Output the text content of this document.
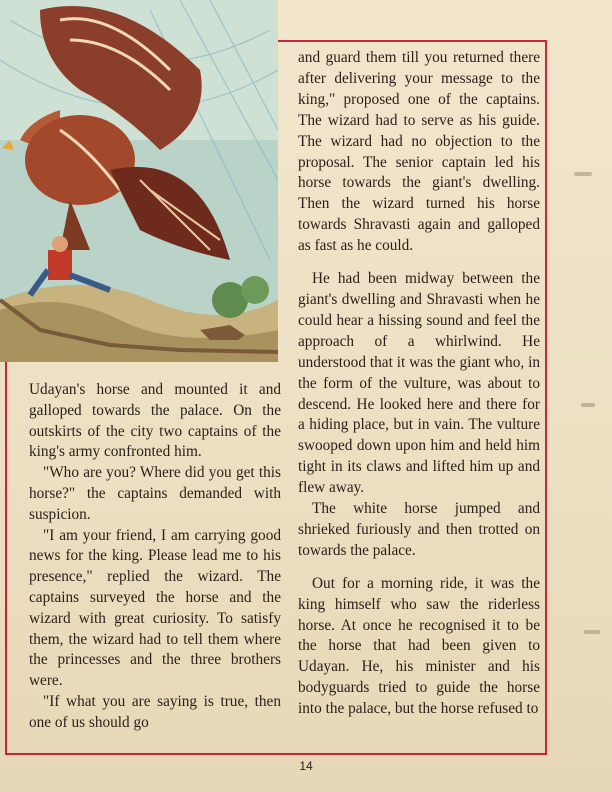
Udayan's horse and mounted it and galloped towards the palace. On the outskirts of the city two captains of the king's army confronted him.

"Who are you? Where did you get this horse?" the captains demanded with suspicion.

"I am your friend, I am carrying good news for the king. Please lead me to his presence," replied the wizard. The captains surveyed the horse and the wizard with great curiosity. To satisfy them, the wizard had to tell them where the princesses and the three brothers were.

"If what you are saying is true, then one of us should go

and guard them till you returned there after delivering your message to the king," proposed one of the captains. The wizard had to serve as his guide. The wizard had no objection to the proposal. The senior captain led his horse towards the giant's dwelling. Then the wizard turned his horse towards Shravasti again and galloped as fast as he could.

He had been midway between the giant's dwelling and Shravasti when he could hear a hissing sound and feel the approach of a whirlwind. He understood that it was the giant who, in the form of the vulture, was about to descend. He looked here and there for a hiding place, but in vain. The vulture swooped down upon him and held him tight in its claws and lifted him up and flew away.

The white horse jumped and shrieked furiously and then trotted on towards the palace.

Out for a morning ride, it was the king himself who saw the riderless horse. At once he recognised it to be the horse that had been given to Udayan. He, his minister and his bodyguards tried to guide the horse into the palace, but the horse refused to

14
